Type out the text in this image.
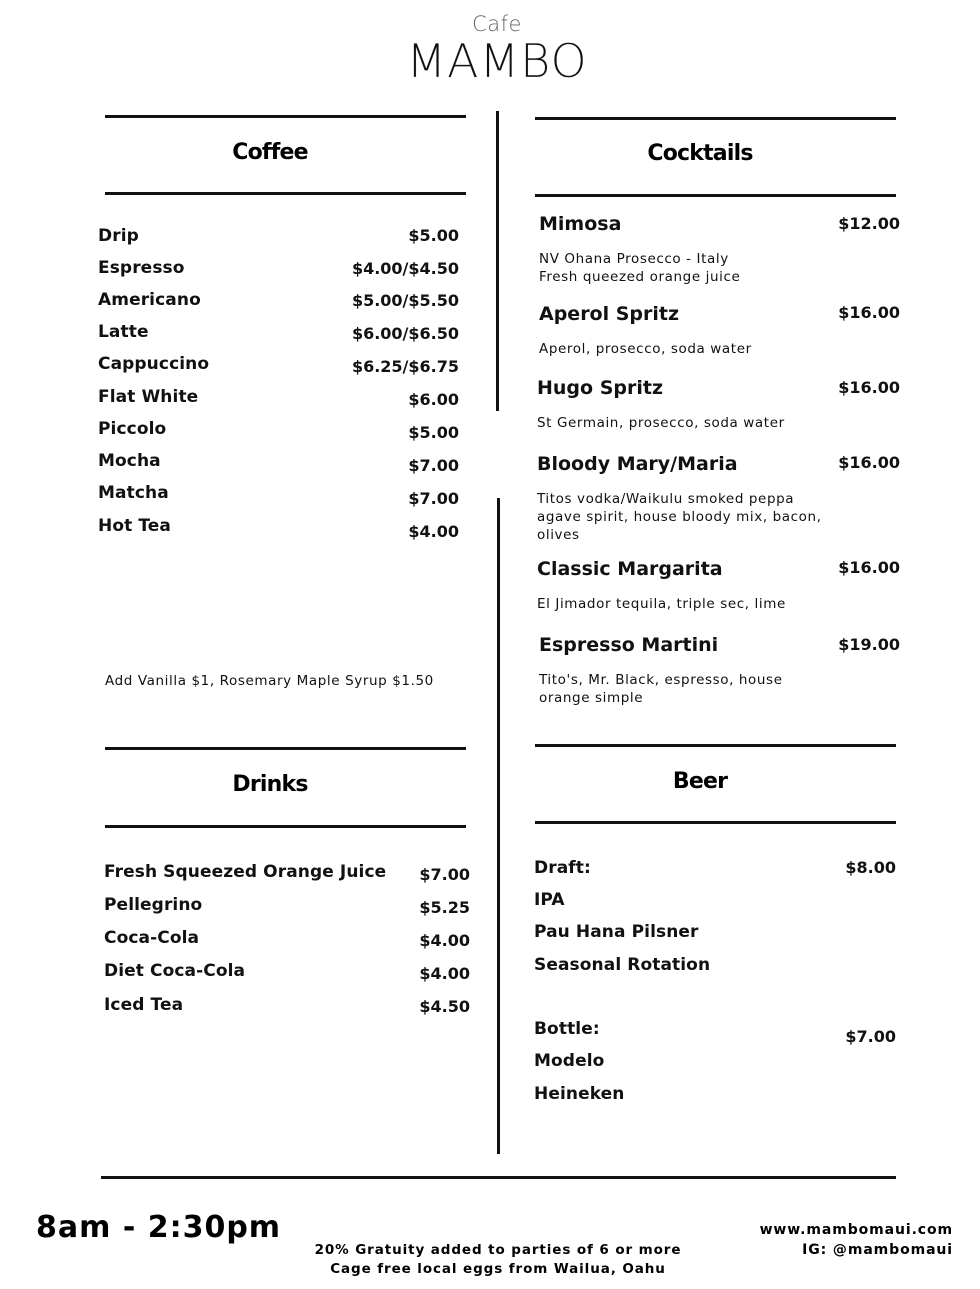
Cafe
MAMBO
Coffee
Drip	$5.00
Espresso	$4.00/$4.50
Americano	$5.00/$5.50
Latte	$6.00/$6.50
Cappuccino	$6.25/$6.75
Flat White	$6.00
Piccolo	$5.00
Mocha	$7.00
Matcha	$7.00
Hot Tea	$4.00
Add Vanilla $1, Rosemary Maple Syrup $1.50
Cocktails
Mimosa	$12.00
NV Ohana Prosecco - Italy
Fresh queezed orange juice
Aperol Spritz	$16.00
Aperol, prosecco, soda water
Hugo Spritz	$16.00
St Germain, prosecco, soda water
Bloody Mary/Maria	$16.00
Titos vodka/Waikulu smoked peppa
agave spirit, house bloody mix, bacon,
olives
Classic Margarita	$16.00
El Jimador tequila, triple sec, lime
Espresso Martini	$19.00
Tito's, Mr. Black, espresso, house
orange simple
Drinks
Fresh Squeezed Orange Juice	$7.00
Pellegrino	$5.25
Coca-Cola	$4.00
Diet Coca-Cola	$4.00
Iced Tea	$4.50
Beer
Draft:	$8.00
IPA
Pau Hana Pilsner
Seasonal Rotation
Bottle:	$7.00
Modelo
Heineken
8am - 2:30pm
20% Gratuity added to parties of 6 or more
Cage free local eggs from Wailua, Oahu
www.mambomaui.com
IG: @mambomaui
